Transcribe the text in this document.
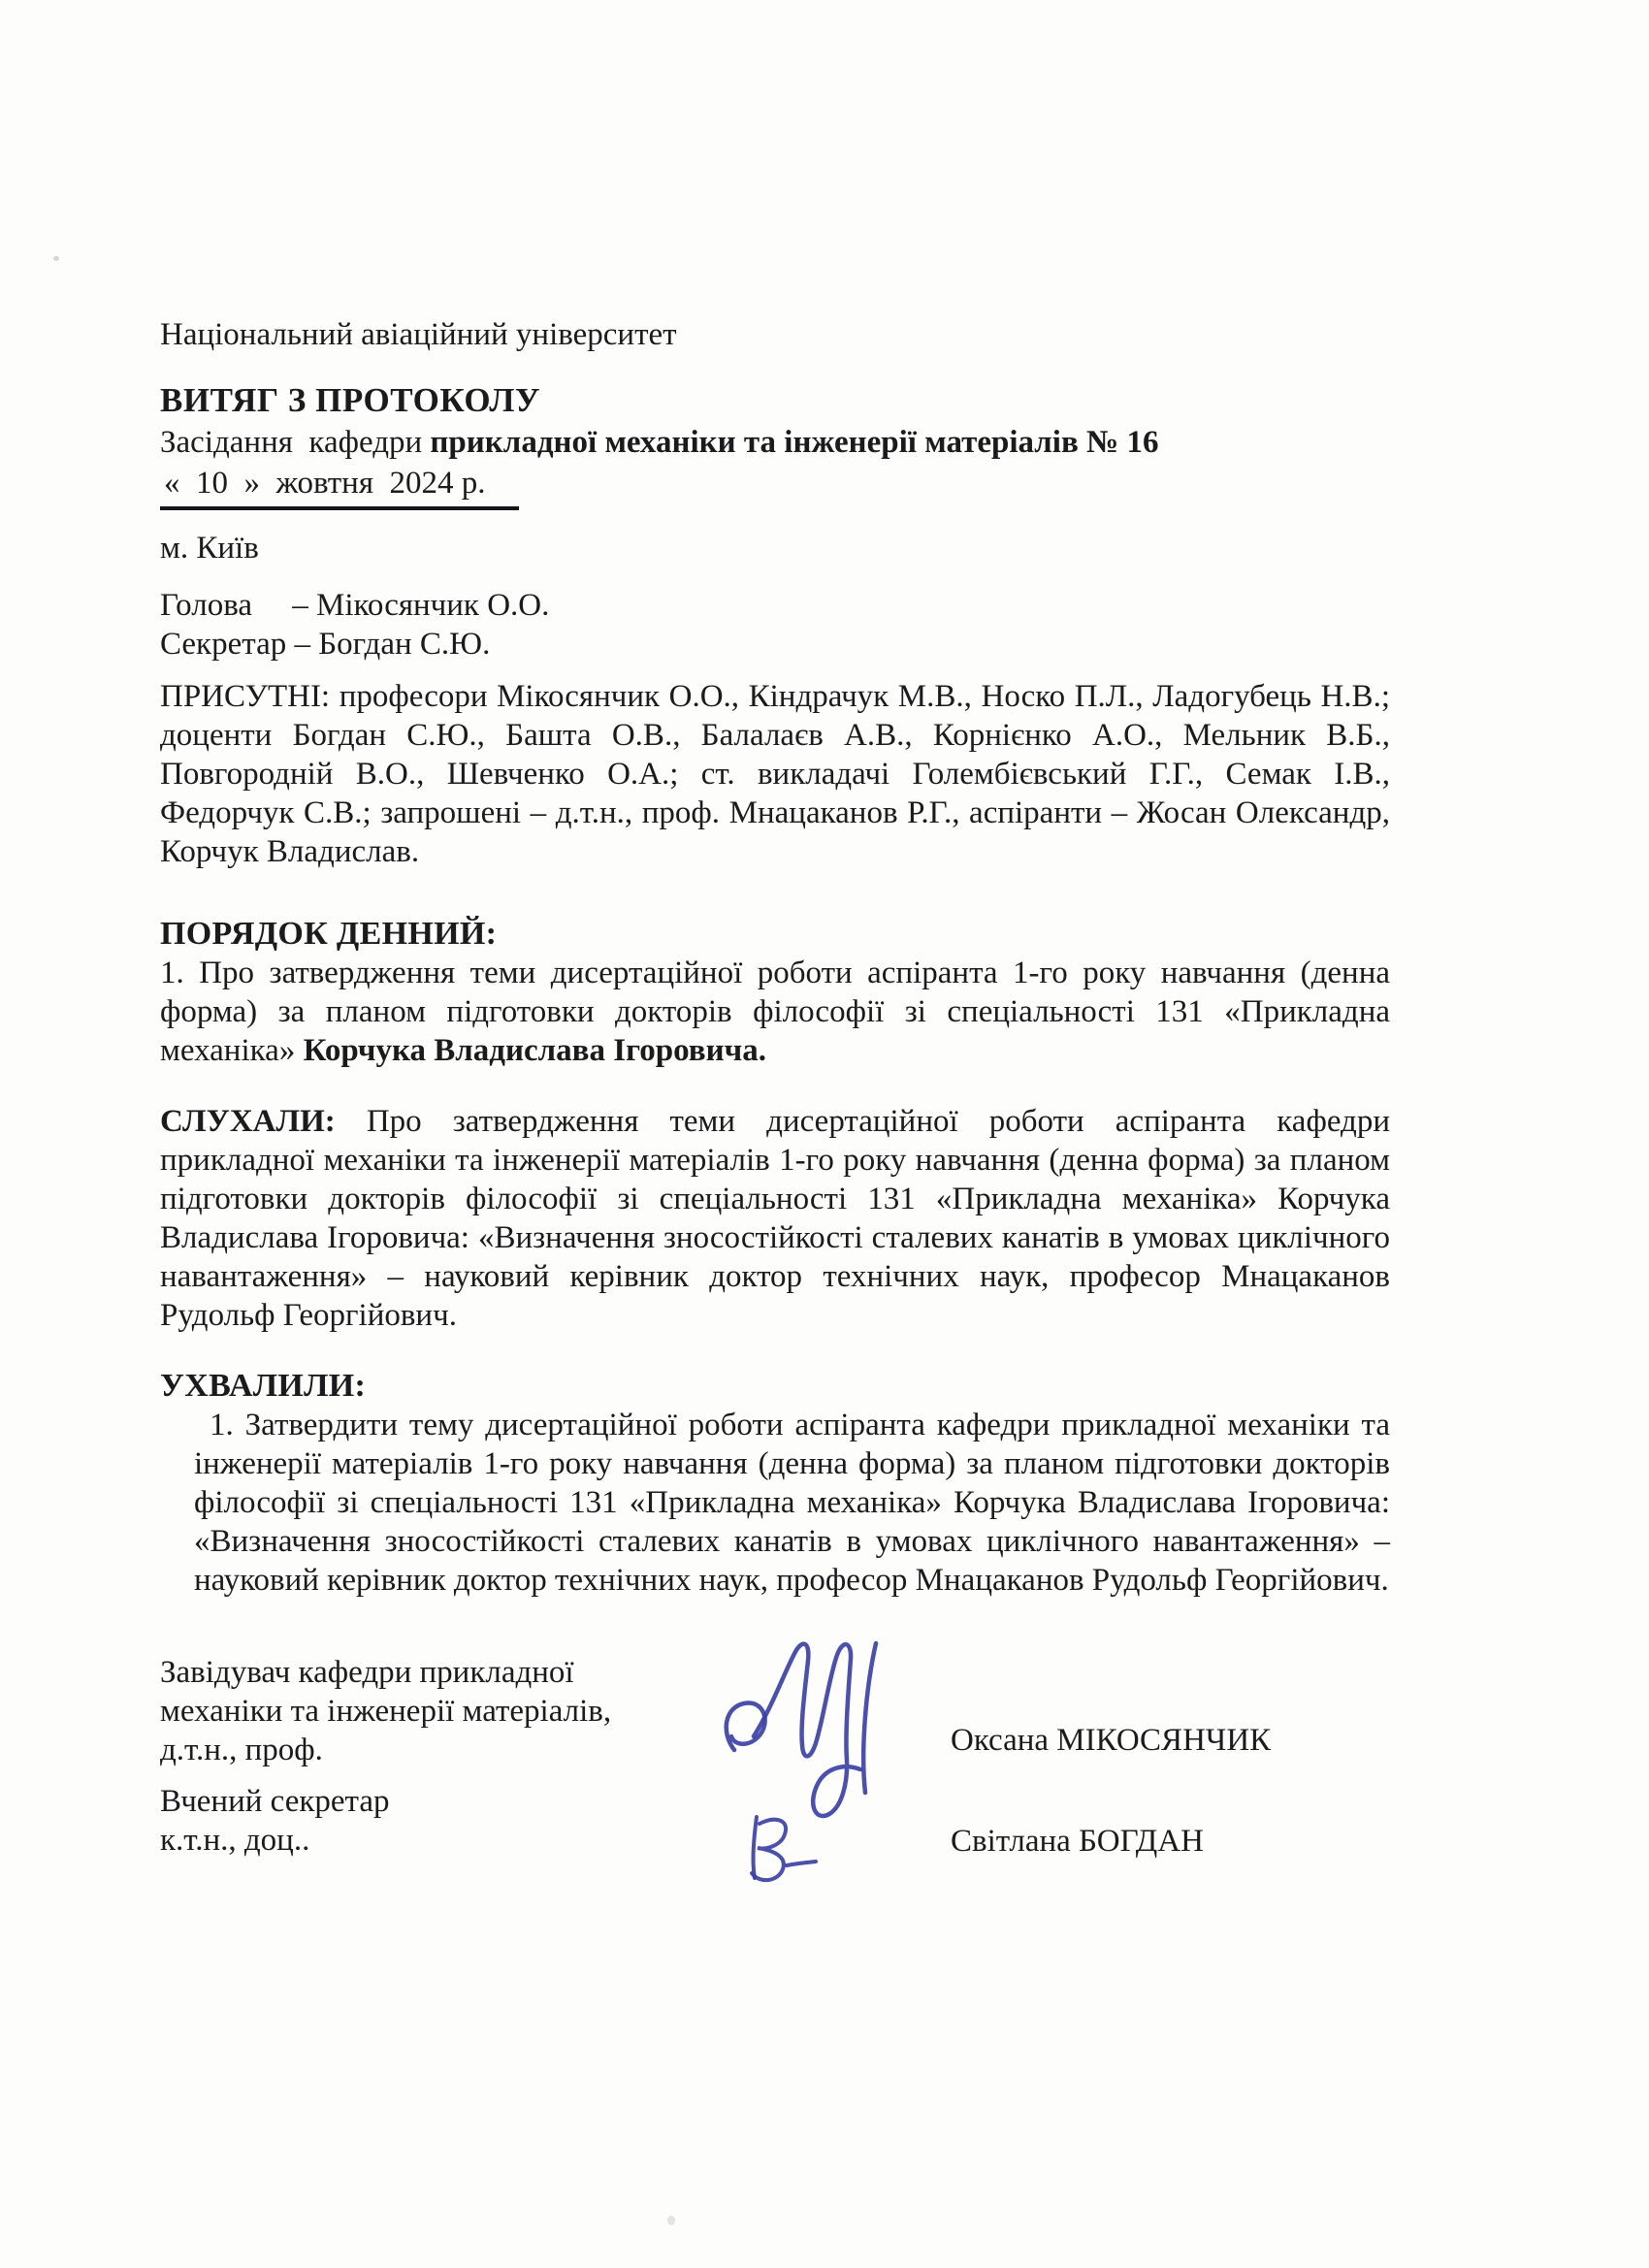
Національний авіаційний університет
ВИТЯГ З ПРОТОКОЛУ
Засідання  кафедри прикладної механіки та інженерії матеріалів № 16
«  10  »  жовтня  2024 р.
м. Київ
Голова     – Мікосянчик О.О.
Секретар – Богдан С.Ю.

ПРИСУТНІ: професори Мікосянчик О.О., Кіндрачук М.В., Носко П.Л., Ладогубець Н.В.; доценти Богдан С.Ю., Башта О.В., Балалаєв А.В., Корнієнко А.О., Мельник В.Б., Повгородній В.О., Шевченко О.А.; ст. викладачі Голембієвський Г.Г., Семак І.В., Федорчук С.В.; запрошені – д.т.н., проф. Мнацаканов Р.Г., аспіранти – Жосан Олександр, Корчук Владислав.

ПОРЯДОК ДЕННИЙ:

1. Про затвердження теми дисертаційної роботи аспіранта 1-го року навчання (денна форма) за планом підготовки докторів філософії зі спеціальності 131 «Прикладна механіка» Корчука Владислава Ігоровича.

СЛУХАЛИ: Про затвердження теми дисертаційної роботи аспіранта кафедри прикладної механіки та інженерії матеріалів 1-го року навчання (денна форма) за планом підготовки докторів філософії зі спеціальності 131 «Прикладна механіка» Корчука Владислава Ігоровича: «Визначення зносостійкості сталевих канатів в умовах циклічного навантаження» – науковий керівник доктор технічних наук, професор Мнацаканов Рудольф Георгійович.

УХВАЛИЛИ:

1. Затвердити тему дисертаційної роботи аспіранта кафедри прикладної механіки та інженерії матеріалів 1-го року навчання (денна форма) за планом підготовки докторів філософії зі спеціальності 131 «Прикладна механіка» Корчука Владислава Ігоровича: «Визначення зносостійкості сталевих канатів в умовах циклічного навантаження» – науковий керівник доктор технічних наук, професор Мнацаканов Рудольф Георгійович.

Завідувач кафедри прикладної
механіки та інженерії матеріалів,
д.т.н., проф.
Вчений секретар
к.т.н., доц..
Оксана МІКОСЯНЧИК
Світлана БОГДАН
